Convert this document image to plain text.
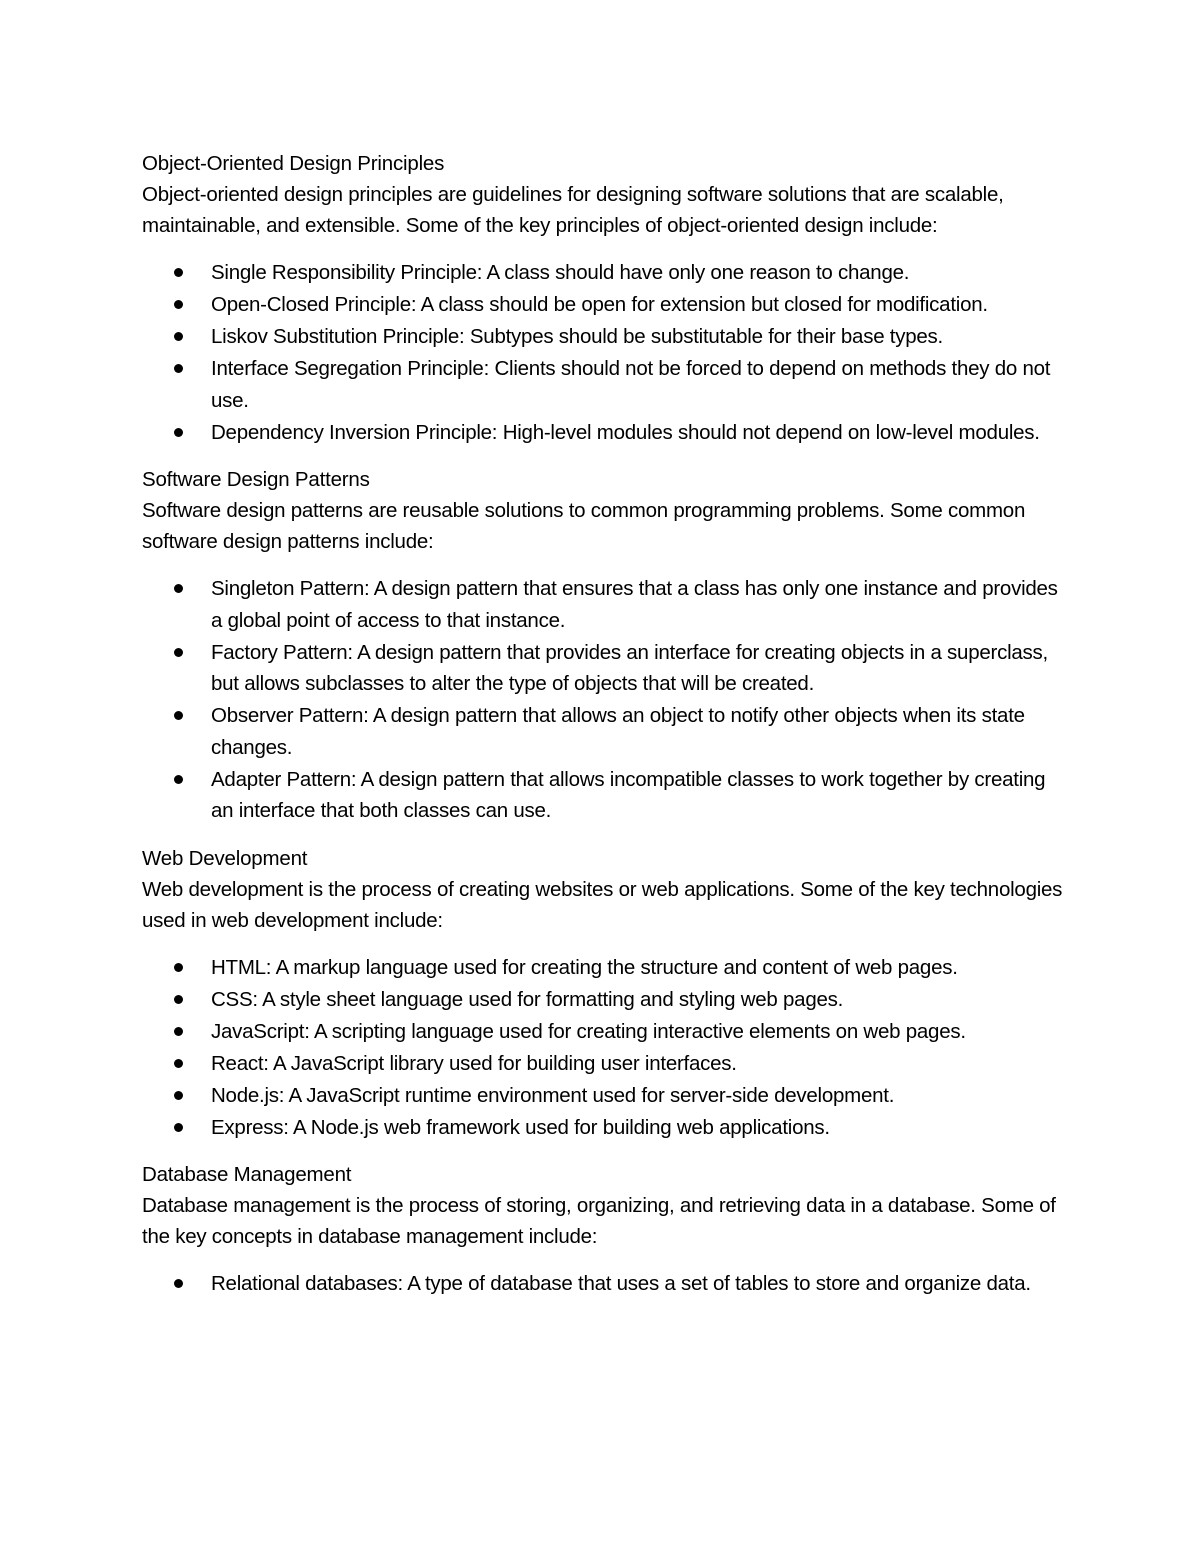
Object-Oriented Design Principles

Object-oriented design principles are guidelines for designing software solutions that are scalable, maintainable, and extensible. Some of the key principles of object-oriented design include:

Single Responsibility Principle: A class should have only one reason to change.
Open-Closed Principle: A class should be open for extension but closed for modification.
Liskov Substitution Principle: Subtypes should be substitutable for their base types.
Interface Segregation Principle: Clients should not be forced to depend on methods they do not use.
Dependency Inversion Principle: High-level modules should not depend on low-level modules.
Software Design Patterns

Software design patterns are reusable solutions to common programming problems. Some common software design patterns include:

Singleton Pattern: A design pattern that ensures that a class has only one instance and provides a global point of access to that instance.
Factory Pattern: A design pattern that provides an interface for creating objects in a superclass, but allows subclasses to alter the type of objects that will be created.
Observer Pattern: A design pattern that allows an object to notify other objects when its state changes.
Adapter Pattern: A design pattern that allows incompatible classes to work together by creating an interface that both classes can use.
Web Development

Web development is the process of creating websites or web applications. Some of the key technologies used in web development include:

HTML: A markup language used for creating the structure and content of web pages.
CSS: A style sheet language used for formatting and styling web pages.
JavaScript: A scripting language used for creating interactive elements on web pages.
React: A JavaScript library used for building user interfaces.
Node.js: A JavaScript runtime environment used for server-side development.
Express: A Node.js web framework used for building web applications.
Database Management

Database management is the process of storing, organizing, and retrieving data in a database. Some of the key concepts in database management include:

Relational databases: A type of database that uses a set of tables to store and organize data.
